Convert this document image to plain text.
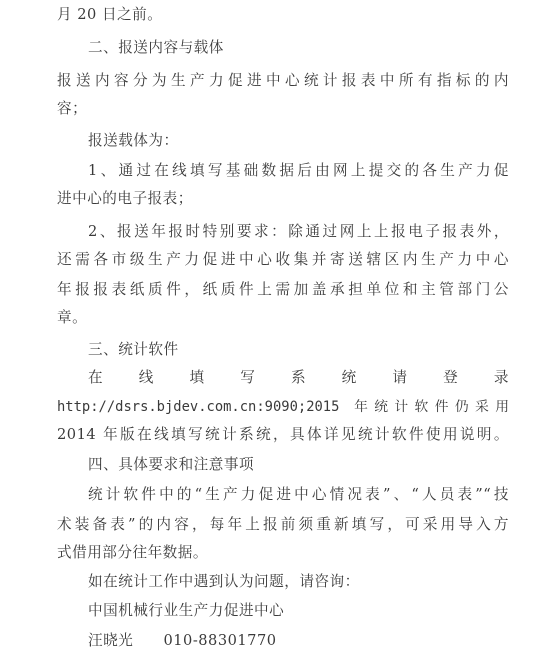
月 20 日之前。

二、报送内容与载体

报送内容分为生产力促进中心统计报表中所有指标的内

容；

报送载体为：

1、通过在线填写基础数据后由网上提交的各生产力促

进中心的电子报表；

2、报送年报时特别要求：除通过网上上报电子报表外，

还需各市级生产力促进中心收集并寄送辖区内生产力中心

年报报表纸质件，纸质件上需加盖承担单位和主管部门公

章。

三、统计软件

在　　线　　填　　写　　系　　统　　请　　登　　录

http://dsrs.bjdev.com.cn:9090;2015 年统计软件仍采用

2014 年版在线填写统计系统，具体详见统计软件使用说明。

四、具体要求和注意事项

统计软件中的“生产力促进中心情况表”、“人员表”“技

术装备表”的内容，每年上报前须重新填写，可采用导入方

式借用部分往年数据。

如在统计工作中遇到认为问题，请咨询：

中国机械行业生产力促进中心

汪晓光　　010-88301770
